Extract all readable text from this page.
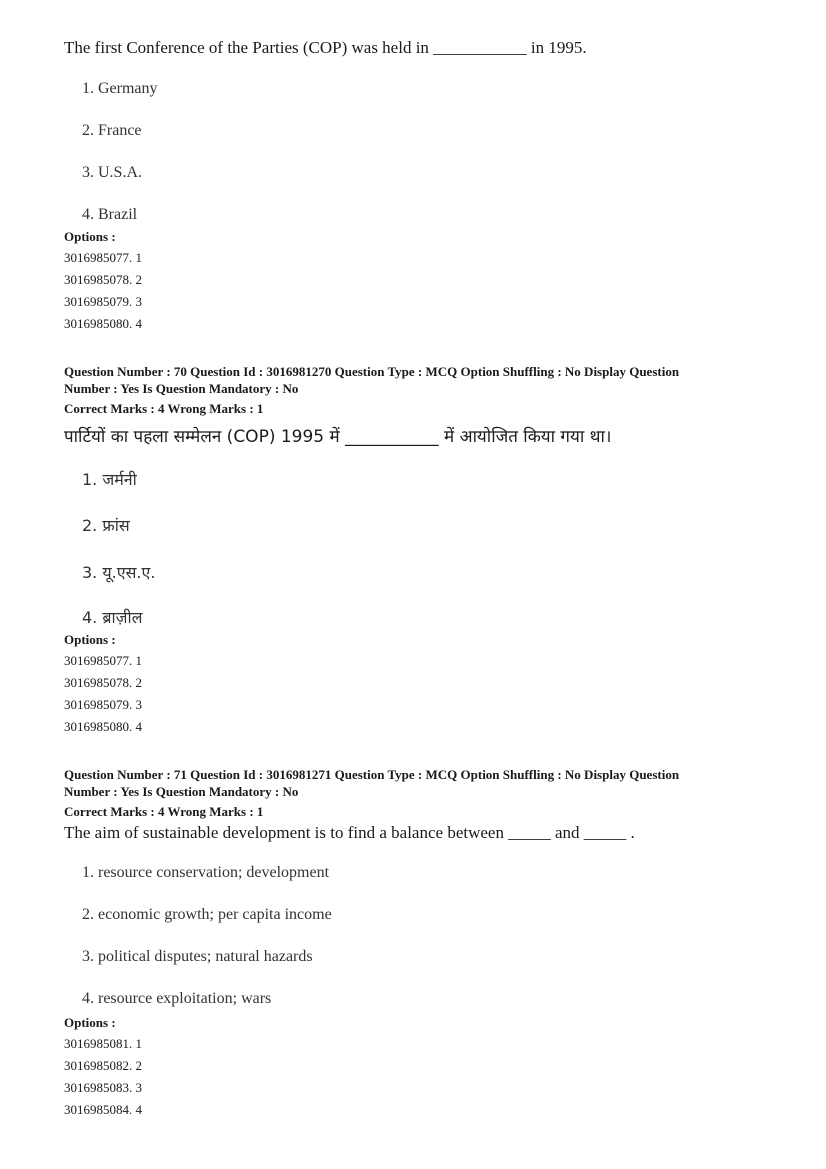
The first Conference of the Parties (COP) was held in ___________ in 1995.
1. Germany
2. France
3. U.S.A.
4. Brazil
Options :
3016985077. 1
3016985078. 2
3016985079. 3
3016985080. 4
Question Number : 70 Question Id : 3016981270 Question Type : MCQ Option Shuffling : No Display Question
Number : Yes Is Question Mandatory : No
Correct Marks : 4 Wrong Marks : 1
पार्टियों का पहला सम्मेलन (COP) 1995 में ___________ में आयोजित किया गया था।
1. जर्मनी
2. फ्रांस
3. यू.एस.ए.
4. ब्राज़ील
Options :
3016985077. 1
3016985078. 2
3016985079. 3
3016985080. 4
Question Number : 71 Question Id : 3016981271 Question Type : MCQ Option Shuffling : No Display Question
Number : Yes Is Question Mandatory : No
Correct Marks : 4 Wrong Marks : 1
The aim of sustainable development is to find a balance between _____ and _____ .
1. resource conservation; development
2. economic growth; per capita income
3. political disputes; natural hazards
4. resource exploitation; wars
Options :
3016985081. 1
3016985082. 2
3016985083. 3
3016985084. 4
